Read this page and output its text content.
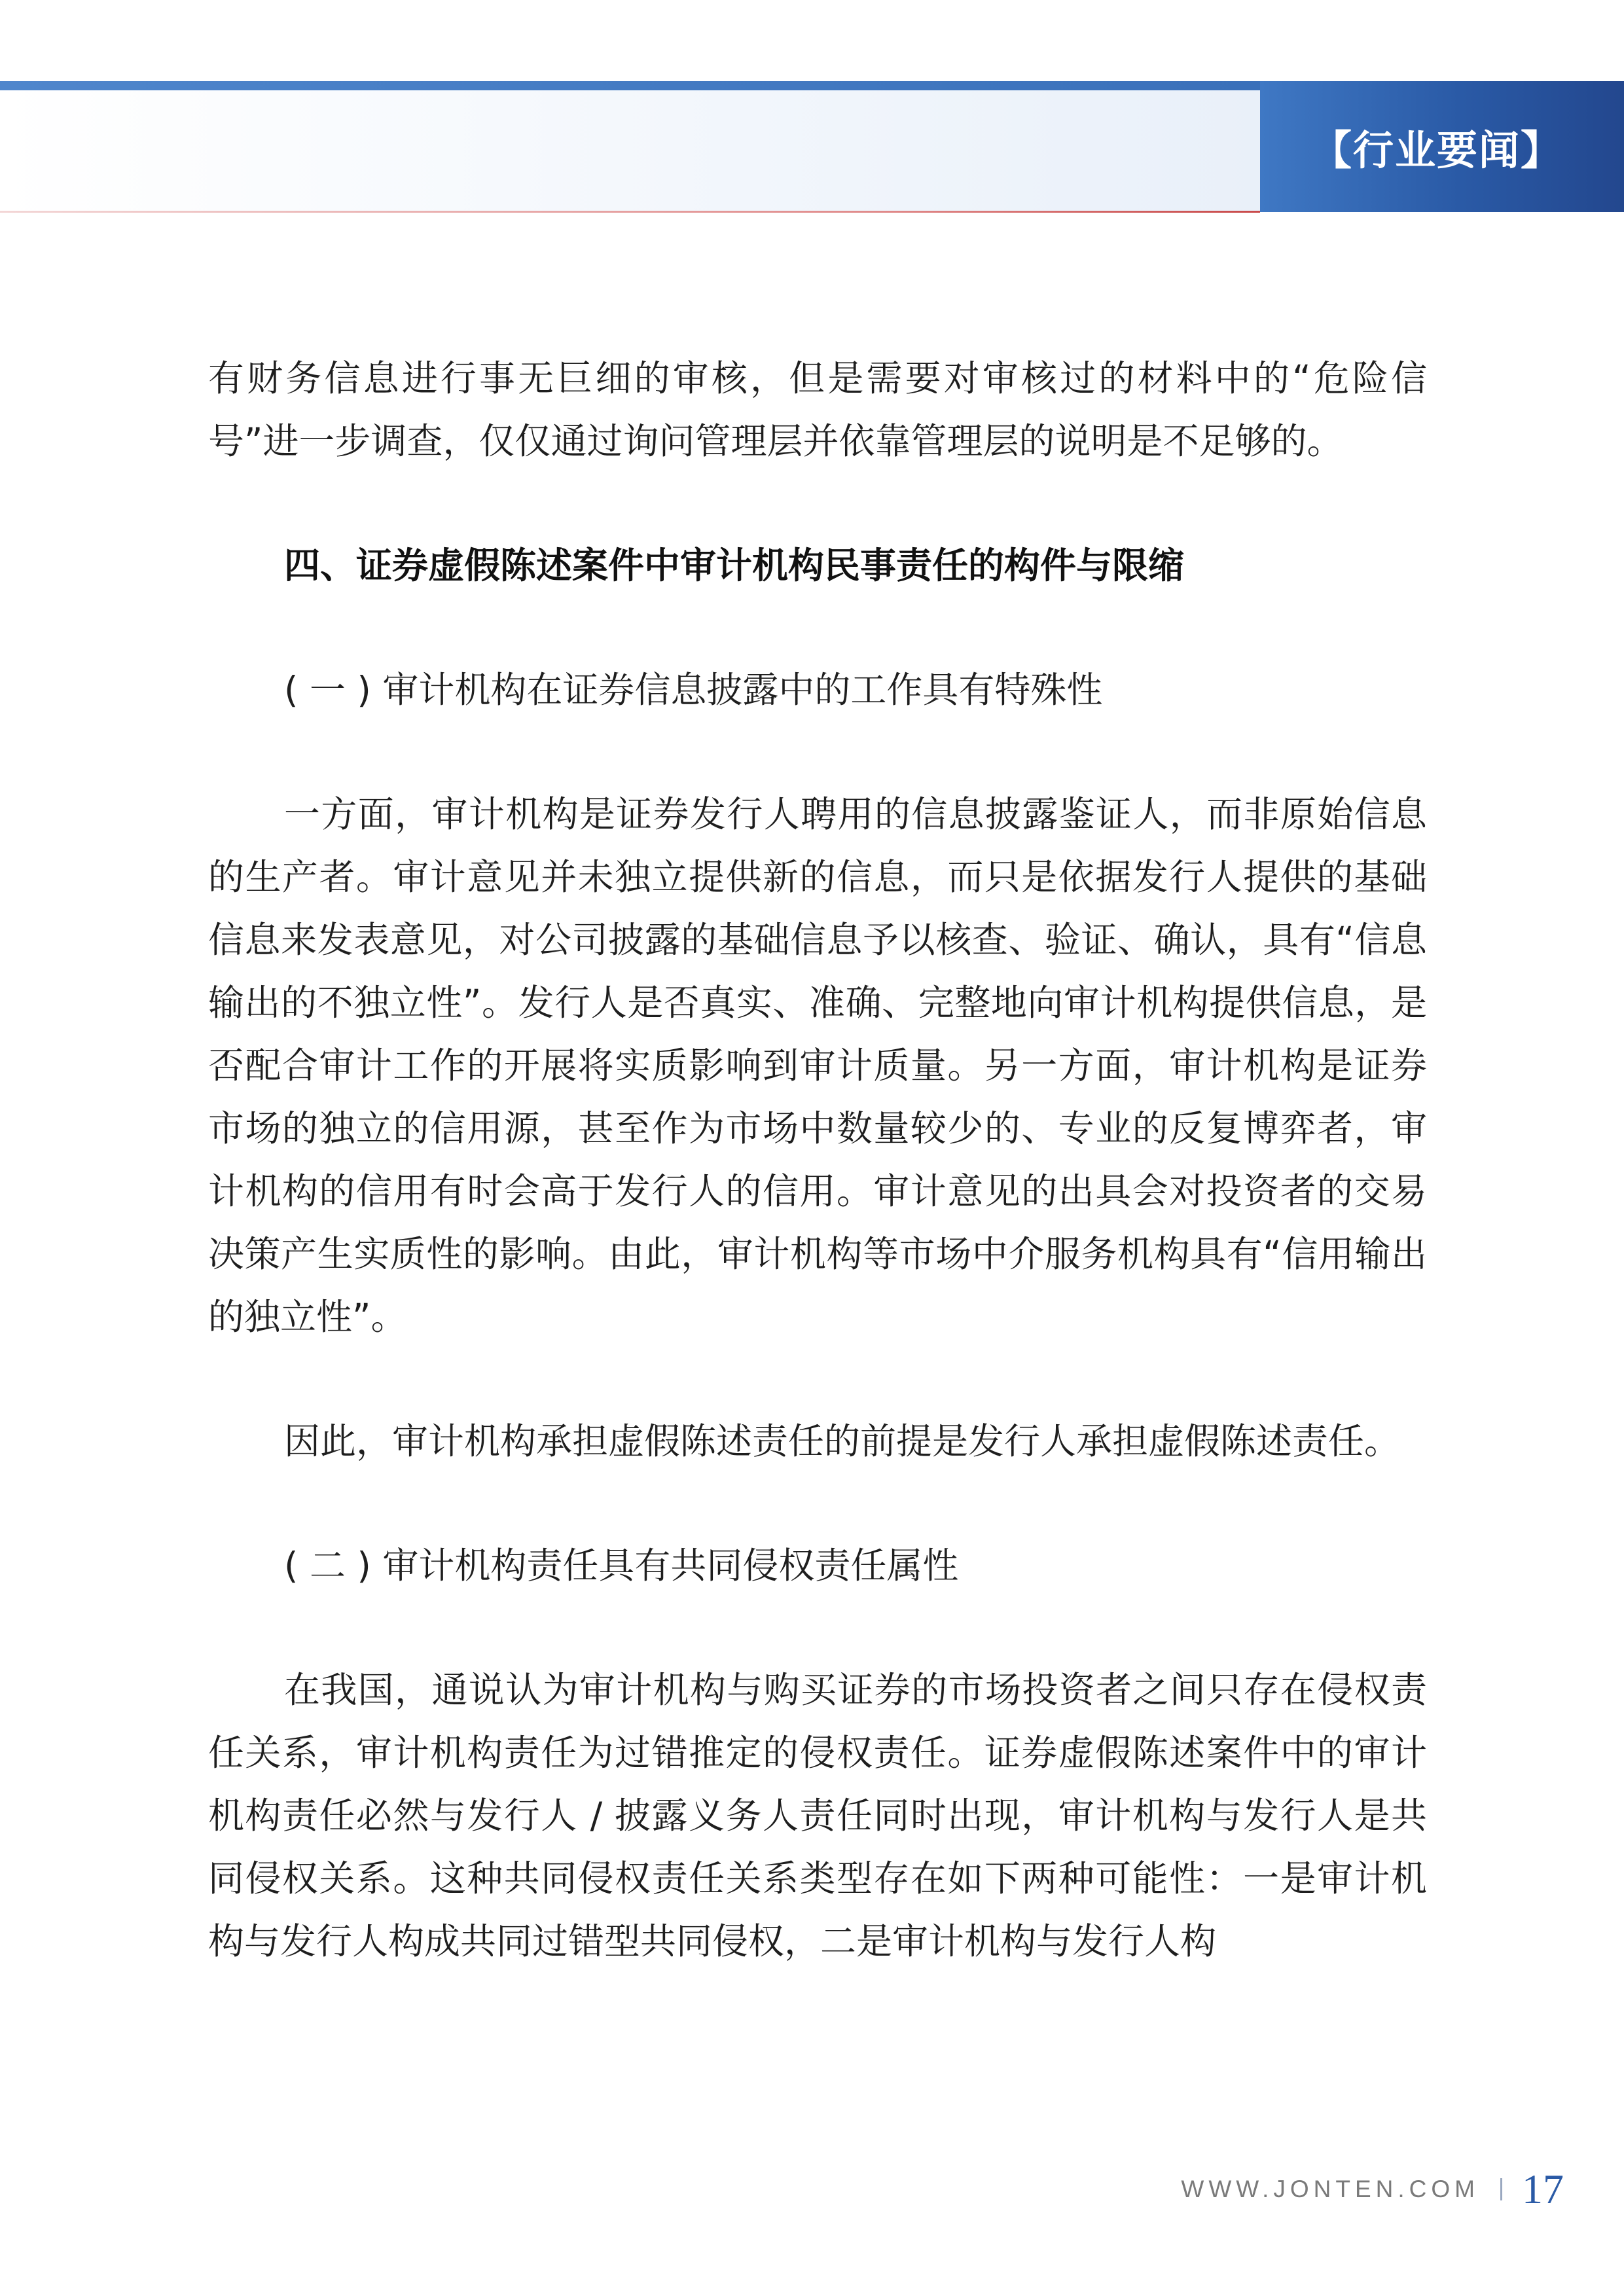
【行业要闻】

有财务信息进行事无巨细的审核，但是需要对审核过的材料中的“危险信号”进一步调查，仅仅通过询问管理层并依靠管理层的说明是不足够的。

四、证券虚假陈述案件中审计机构民事责任的构件与限缩

( 一 ) 审计机构在证券信息披露中的工作具有特殊性

一方面，审计机构是证券发行人聘用的信息披露鉴证人，而非原始信息的生产者。审计意见并未独立提供新的信息，而只是依据发行人提供的基础信息来发表意见，对公司披露的基础信息予以核查、验证、确认，具有“信息输出的不独立性”。发行人是否真实、准确、完整地向审计机构提供信息，是否配合审计工作的开展将实质影响到审计质量。另一方面，审计机构是证券市场的独立的信用源，甚至作为市场中数量较少的、专业的反复博弈者，审计机构的信用有时会高于发行人的信用。审计意见的出具会对投资者的交易决策产生实质性的影响。由此，审计机构等市场中介服务机构具有“信用输出的独立性”。

因此，审计机构承担虚假陈述责任的前提是发行人承担虚假陈述责任。

( 二 ) 审计机构责任具有共同侵权责任属性

在我国，通说认为审计机构与购买证券的市场投资者之间只存在侵权责任关系，审计机构责任为过错推定的侵权责任。证券虚假陈述案件中的审计机构责任必然与发行人 / 披露义务人责任同时出现，审计机构与发行人是共同侵权关系。这种共同侵权责任关系类型存在如下两种可能性：一是审计机构与发行人构成共同过错型共同侵权，二是审计机构与发行人构

WWW.JONTEN.COM 17
